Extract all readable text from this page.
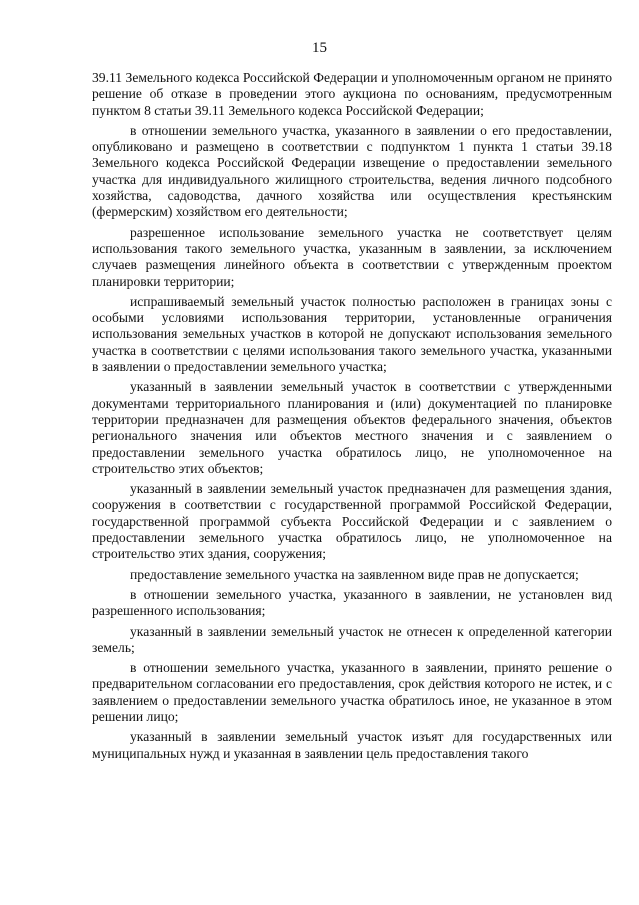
15

39.11 Земельного кодекса Российской Федерации и уполномоченным органом не принято решение об отказе в проведении этого аукциона по основаниям, предусмотренным пунктом 8 статьи 39.11 Земельного кодекса Российской Федерации;

в отношении земельного участка, указанного в заявлении о его предоставлении, опубликовано и размещено в соответствии с подпунктом 1 пункта 1 статьи 39.18 Земельного кодекса Российской Федерации извещение о предоставлении земельного участка для индивидуального жилищного строительства, ведения личного подсобного хозяйства, садоводства, дачного хозяйства или осуществления крестьянским (фермерским) хозяйством его деятельности;

разрешенное использование земельного участка не соответствует целям использования такого земельного участка, указанным в заявлении, за исключением случаев размещения линейного объекта в соответствии с утвержденным проектом планировки территории;

испрашиваемый земельный участок полностью расположен в границах зоны с особыми условиями использования территории, установленные ограничения использования земельных участков в которой не допускают использования земельного участка в соответствии с целями использования такого земельного участка, указанными в заявлении о предоставлении земельного участка;

указанный в заявлении земельный участок в соответствии с утвержденными документами территориального планирования и (или) документацией по планировке территории предназначен для размещения объектов федерального значения, объектов регионального значения или объектов местного значения и с заявлением о предоставлении земельного участка обратилось лицо, не уполномоченное на строительство этих объектов;

указанный в заявлении земельный участок предназначен для размещения здания, сооружения в соответствии с государственной программой Российской Федерации, государственной программой субъекта Российской Федерации и с заявлением о предоставлении земельного участка обратилось лицо, не уполномоченное на строительство этих здания, сооружения;

предоставление земельного участка на заявленном виде прав не допускается;

в отношении земельного участка, указанного в заявлении, не установлен вид разрешенного использования;

указанный в заявлении земельный участок не отнесен к определенной категории земель;

в отношении земельного участка, указанного в заявлении, принято решение о предварительном согласовании его предоставления, срок действия которого не истек, и с заявлением о предоставлении земельного участка обратилось иное, не указанное в этом решении лицо;

указанный в заявлении земельный участок изъят для государственных или муниципальных нужд и указанная в заявлении цель предоставления такого
